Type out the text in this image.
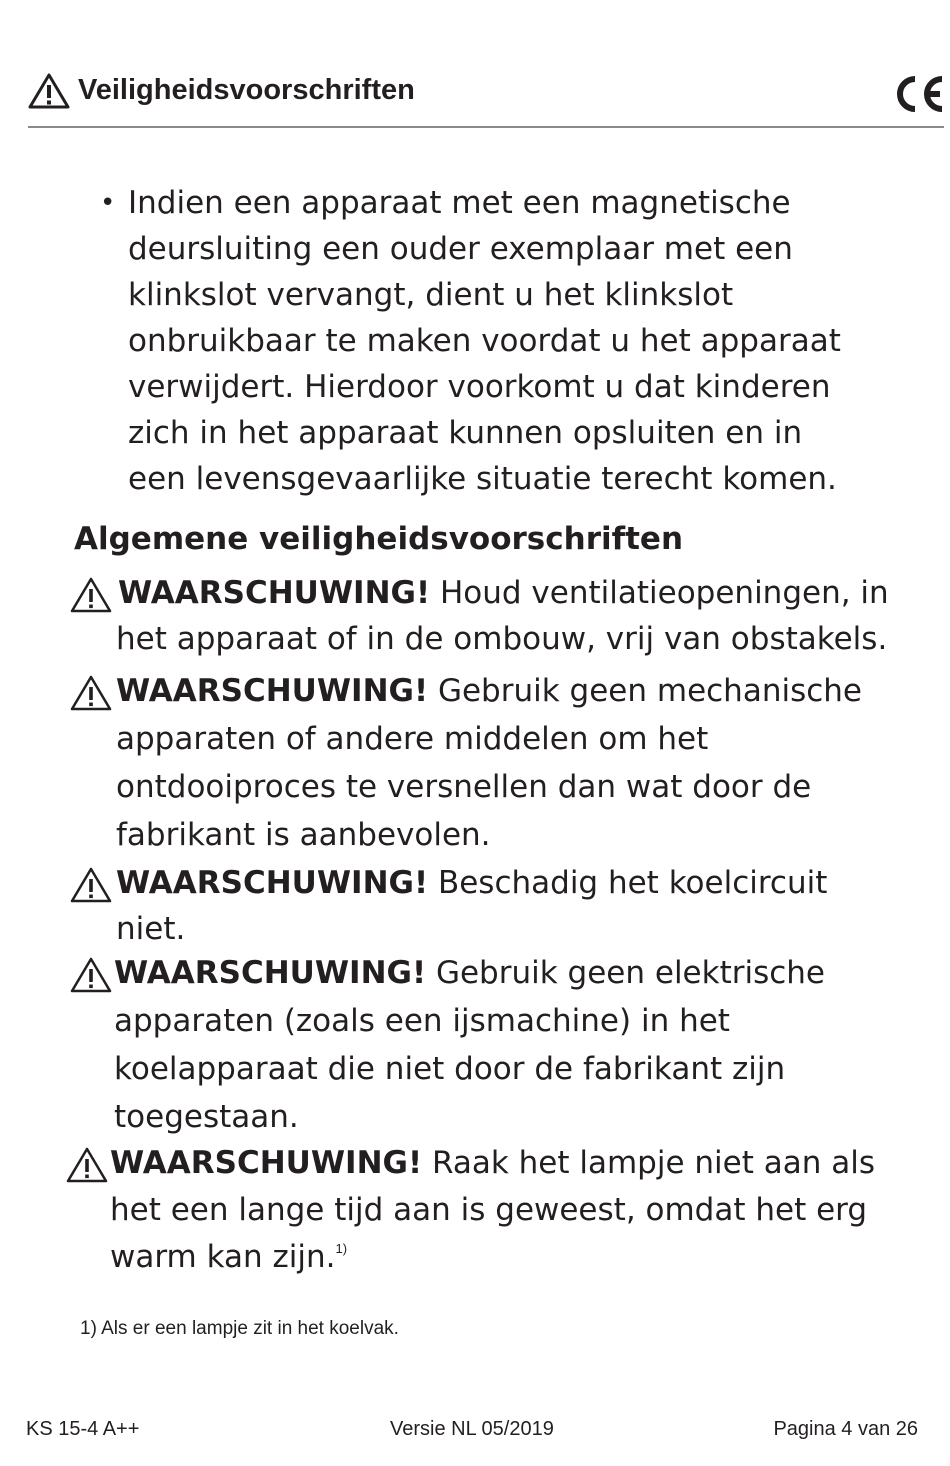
Veiligheidsvoorschriften
• Indien een apparaat met een magnetische
deursluiting een ouder exemplaar met een
klinkslot vervangt, dient u het klinkslot
onbruikbaar te maken voordat u het apparaat
verwijdert. Hierdoor voorkomt u dat kinderen
zich in het apparaat kunnen opsluiten en in
een levensgevaarlijke situatie terecht komen.
Algemene veiligheidsvoorschriften
WAARSCHUWING! Houd ventilatieopeningen, in
het apparaat of in de ombouw, vrij van obstakels.
WAARSCHUWING! Gebruik geen mechanische
apparaten of andere middelen om het
ontdooiproces te versnellen dan wat door de
fabrikant is aanbevolen.
WAARSCHUWING! Beschadig het koelcircuit
niet.
WAARSCHUWING! Gebruik geen elektrische
apparaten (zoals een ijsmachine) in het
koelapparaat die niet door de fabrikant zijn
toegestaan.
WAARSCHUWING! Raak het lampje niet aan als
het een lange tijd aan is geweest, omdat het erg
warm kan zijn.$^{1)}$
1) Als er een lampje zit in het koelvak.
KS 15-4 A++	Versie NL 05/2019	Pagina 4 van 26
